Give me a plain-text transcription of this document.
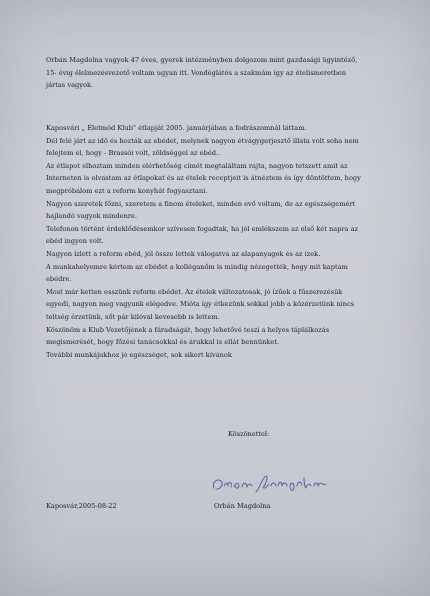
Orbán Magdolna vagyok 47 éves, gyerek intézményben dolgozom mint gazdasági ügyintéző,
15- évig élelmezésvezető voltam ugyan itt. Vendéglátós a szakmám így az ételismeretben
jártas vagyok.
Kaposvári „ Életmód Klub" étlapját 2005. januárjában a fodrászomnál láttam.
Dél felé járt az idő és hozták az ebédet, melynek nagyon étvágygerjesztő illata volt soha nem
felejtem el, hogy - Brassói volt, zöldséggel az ebéd..
Az étlapot elhoztam minden elérhetőség címét megtaláltam rajta, nagyon tetszett amit az
Interneten is olvastam az étlapokat és az ételek receptjeit is átnéztem és így döntöttem, hogy
megpróbálom ezt a reform konyhát fogyasztani.
Nagyon szeretek főzni, szeretem a finom ételeket, minden evő voltam, de az egészségemért
hajlandó vagyok mindenre.
Telefonon történt érdeklődésemkor szívesen fogadtak, ha jól emlékszem az első két napra az
ebéd ingyen volt.
Nagyon ízlett a reform ebéd, jól össze lettek válogatva az alapanyagok és az ízek.
A munkahelyemre kértem az ebédet a kolléganőm is mindig nézegették, hogy mit kaptam
ebédre.
Most már ketten esszünk reform ebédet. Az ételek változatosak, jó ízűek a fűszerezésük
egyedi, nagyon meg vagyunk elégedve. Mióta így étkezünk sokkal jobb a közérzetünk nincs
teltség érzetünk, sőt pár kilóval kevesebb is lettem.
Köszönöm a Klub Vezetőjének a fáradságát, hogy lehetővé teszi a helyes táplálkozás
megismerését, hogy főzési tanácsokkal és árukkal is ellát bennünket.
További munkájukhoz jó egészséget, sok sikert kívánok
Köszönettel:
Kaposvár,2005-08-22	Orbán Magdolna
